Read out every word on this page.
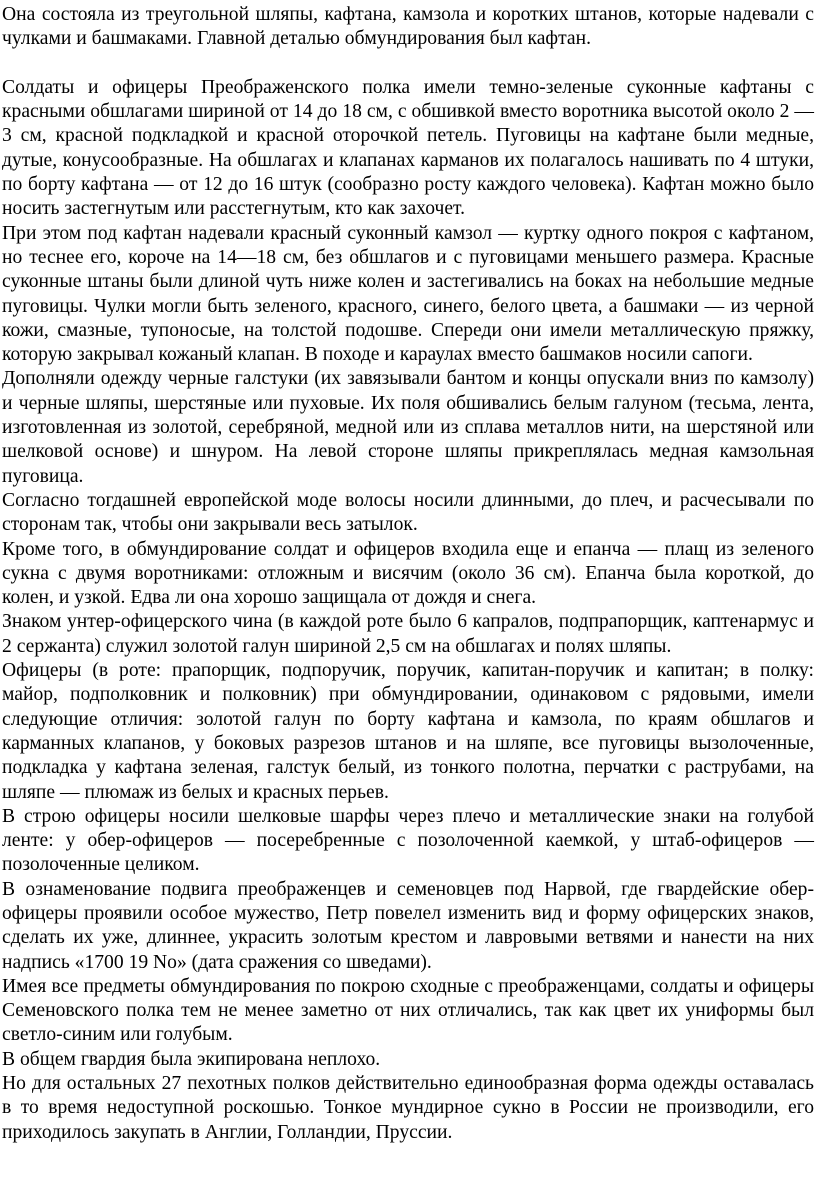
Она состояла из треугольной шляпы, кафтана, камзола и коротких штанов, которые надевали с чулками и башмаками. Главной деталью обмундирования был кафтан.

Солдаты и офицеры Преображенского полка имели темно-зеленые суконные кафтаны с красными обшлагами шириной от 14 до 18 см, с обшивкой вместо воротника высотой около 2 — 3 см, красной подкладкой и красной оторочкой петель. Пуговицы на кафтане были медные, дутые, конусообразные. На обшлагах и клапанах карманов их полагалось нашивать по 4 штуки, по борту кафтана — от 12 до 16 штук (сообразно росту каждого человека). Кафтан можно было носить застегнутым или расстегнутым, кто как захочет.

При этом под кафтан надевали красный суконный камзол — куртку одного покроя с кафтаном, но теснее его, короче на 14—18 см, без обшлагов и с пуговицами меньшего размера. Красные суконные штаны были длиной чуть ниже колен и застегивались на боках на небольшие медные пуговицы. Чулки могли быть зеленого, красного, синего, белого цвета, а башмаки — из черной кожи, смазные, тупоносые, на толстой подошве. Спереди они имели металлическую пряжку, которую закрывал кожаный клапан. В походе и караулах вместо башмаков носили сапоги.

Дополняли одежду черные галстуки (их завязывали бантом и концы опускали вниз по камзолу) и черные шляпы, шерстяные или пуховые. Их поля обшивались белым галуном (тесьма, лента, изготовленная из золотой, серебряной, медной или из сплава металлов нити, на шерстяной или шелковой основе) и шнуром. На левой стороне шляпы прикреплялась медная камзольная пуговица.

Согласно тогдашней европейской моде волосы носили длинными, до плеч, и расчесывали по сторонам так, чтобы они закрывали весь затылок.

Кроме того, в обмундирование солдат и офицеров входила еще и епанча — плащ из зеленого сукна с двумя воротниками: отложным и висячим (около 36 см). Епанча была короткой, до колен, и узкой. Едва ли она хорошо защищала от дождя и снега.

Знаком унтер-офицерского чина (в каждой роте было 6 капралов, подпрапорщик, каптенармус и 2 сержанта) служил золотой галун шириной 2,5 см на обшлагах и полях шляпы.

Офицеры (в роте: прапорщик, подпоручик, поручик, капитан-поручик и капитан; в полку: майор, подполковник и полковник) при обмундировании, одинаковом с рядовыми, имели следующие отличия: золотой галун по борту кафтана и камзола, по краям обшлагов и карманных клапанов, у боковых разрезов штанов и на шляпе, все пуговицы вызолоченные, подкладка у кафтана зеленая, галстук белый, из тонкого полотна, перчатки с раструбами, на шляпе — плюмаж из белых и красных перьев.

В строю офицеры носили шелковые шарфы через плечо и металлические знаки на голубой ленте: у обер-офицеров — посеребренные с позолоченной каемкой, у штаб-офицеров — позолоченные целиком.

В ознаменование подвига преображенцев и семеновцев под Нарвой, где гвардейские обер-офицеры проявили особое мужество, Петр повелел изменить вид и форму офицерских знаков, сделать их уже, длиннее, украсить золотым крестом и лавровыми ветвями и нанести на них надпись «1700 19 No» (дата сражения со шведами).

Имея все предметы обмундирования по покрою сходные с преображенцами, солдаты и офицеры Семеновского полка тем не менее заметно от них отличались, так как цвет их униформы был светло-синим или голубым.

В общем гвардия была экипирована неплохо.

Но для остальных 27 пехотных полков действительно единообразная форма одежды оставалась в то время недоступной роскошью. Тонкое мундирное сукно в России не производили, его приходилось закупать в Англии, Голландии, Пруссии.
